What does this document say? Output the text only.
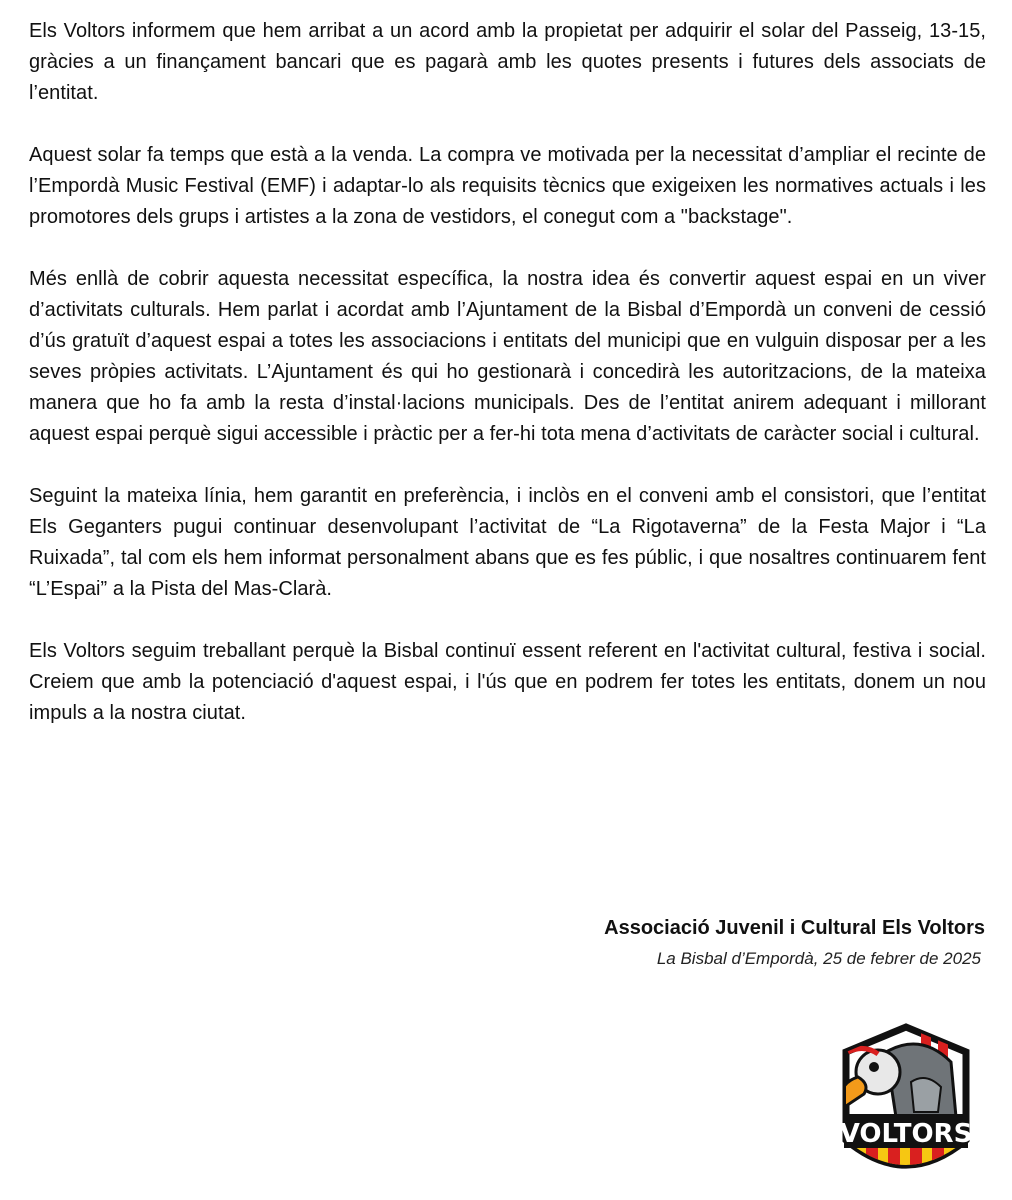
Els Voltors informem que hem arribat a un acord amb la propietat per adquirir el solar del Passeig, 13-15, gràcies a un finançament bancari que es pagarà amb les quotes presents i futures dels associats de l’entitat.

Aquest solar fa temps que està a la venda. La compra ve motivada per la necessitat d’ampliar el recinte de l’Empordà Music Festival (EMF) i adaptar-lo als requisits tècnics que exigeixen les normatives actuals i les promotores dels grups i artistes a la zona de vestidors, el conegut com a "backstage".

Més enllà de cobrir aquesta necessitat específica, la nostra idea és convertir aquest espai en un viver d’activitats culturals. Hem parlat i acordat amb l’Ajuntament de la Bisbal d’Empordà un conveni de cessió d’ús gratuït d’aquest espai a totes les associacions i entitats del municipi que en vulguin disposar per a les seves pròpies activitats. L’Ajuntament és qui ho gestionarà i concedirà les autoritzacions, de la mateixa manera que ho fa amb la resta d’instal·lacions municipals. Des de l’entitat anirem adequant i millorant aquest espai perquè sigui accessible i pràctic per a fer-hi tota mena d’activitats de caràcter social i cultural.

Seguint la mateixa línia, hem garantit en preferència, i inclòs en el conveni amb el consistori, que l’entitat Els Geganters pugui continuar desenvolupant l’activitat de “La Rigotaverna” de la Festa Major i “La Ruixada”, tal com els hem informat personalment abans que es fes públic, i que nosaltres continuarem fent “L’Espai” a la Pista del Mas-Clarà.

Els Voltors seguim treballant perquè la Bisbal continuï essent referent en l'activitat cultural, festiva i social. Creiem que amb la potenciació d'aquest espai, i l'ús que en podrem fer totes les entitats, donem un nou impuls a la nostra ciutat.

Associació Juvenil i Cultural Els Voltors
La Bisbal d’Empordà, 25 de febrer de 2025
VOLTORS
